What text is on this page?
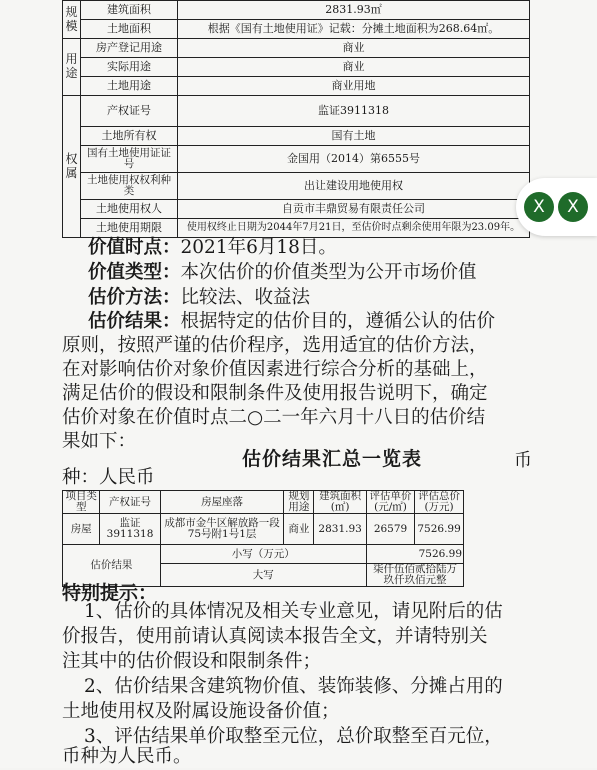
规模	建筑面积	2831.93㎡
	土地面积	根据《国有土地使用证》记载：分摊土地面积为268.64㎡。
用途	房产登记用途	商业
	实际用途	商业
	土地用途	商业用地
权属	产权证号	监证3911318
	土地所有权	国有土地
	国有土地使用证证号	金国用（2014）第6555号
	土地使用权权利种类	出让建设用地使用权
	土地使用权人	自贡市丰鼎贸易有限责任公司
	土地使用期限	使用权终止日期为2044年7月21日，至估价时点剩余使用年限为23.09年。
价值时点：2021年6月18日。
价值类型：本次估价的价值类型为公开市场价值
估价方法：比较法、收益法
估价结果：根据特定的估价目的，遵循公认的估价
原则，按照严谨的估价程序，选用适宜的估价方法，
在对影响估价对象价值因素进行综合分析的基础上，
满足估价的假设和限制条件及使用报告说明下，确定
估价对象在价值时点二○二一年六月十八日的估价结
果如下：
估价结果汇总一览表	币
种：人民币
项目类型	产权证号	房屋座落	规划用途	建筑面积(㎡)	评估单价(元/㎡)	评估总价(万元)
房屋	监证3911318	成都市金牛区解放路一段75号附1号1层	商业	2831.93	26579	7526.99
估价结果		小写（万元）			7526.99	
		大写			柒仟伍佰贰拾陆万玖仟玖佰元整	
特别提示：
1、估价的具体情况及相关专业意见，请见附后的估
价报告，使用前请认真阅读本报告全文，并请特别关
注其中的估价假设和限制条件；
2、估价结果含建筑物价值、装饰装修、分摊占用的
土地使用权及附属设施设备价值；
3、评估结果单价取整至元位，总价取整至百元位，
币种为人民币。
X	X
